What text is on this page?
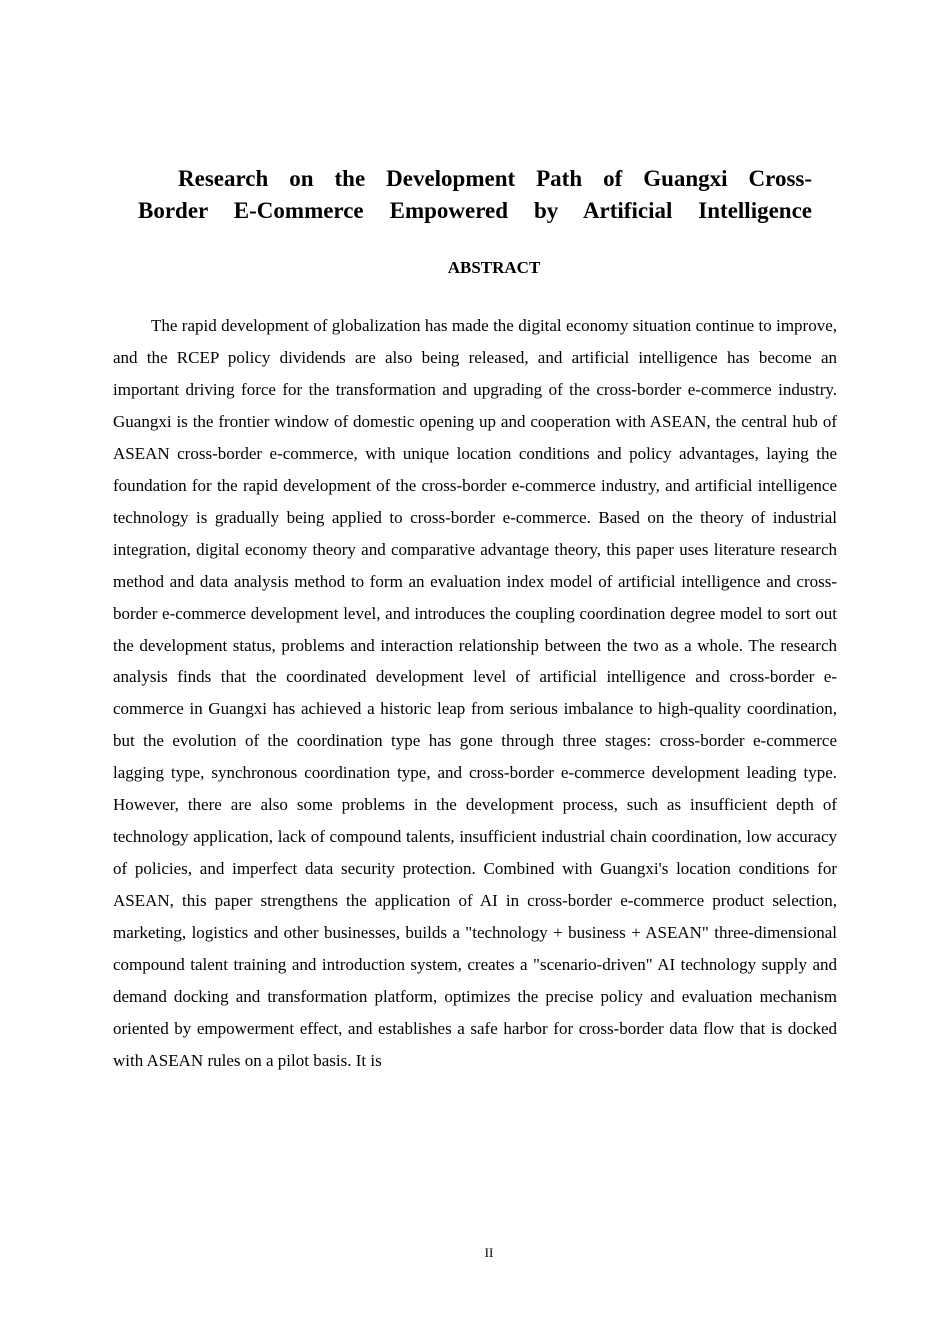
Research on the Development Path of Guangxi Cross-
Border E-Commerce Empowered by Artificial Intelligence
ABSTRACT

The rapid development of globalization has made the digital economy situation continue to improve, and the RCEP policy dividends are also being released, and artificial intelligence has become an important driving force for the transformation and upgrading of the cross-border e-commerce industry. Guangxi is the frontier window of domestic opening up and cooperation with ASEAN, the central hub of ASEAN cross-border e-commerce, with unique location conditions and policy advantages, laying the foundation for the rapid development of the cross-border e-commerce industry, and artificial intelligence technology is gradually being applied to cross-border e-commerce. Based on the theory of industrial integration, digital economy theory and comparative advantage theory, this paper uses literature research method and data analysis method to form an evaluation index model of artificial intelligence and cross-border e-commerce development level, and introduces the coupling coordination degree model to sort out the development status, problems and interaction relationship between the two as a whole. The research analysis finds that the coordinated development level of artificial intelligence and cross-border e-commerce in Guangxi has achieved a historic leap from serious imbalance to high-quality coordination, but the evolution of the coordination type has gone through three stages: cross-border e-commerce lagging type, synchronous coordination type, and cross-border e-commerce development leading type. However, there are also some problems in the development process, such as insufficient depth of technology application, lack of compound talents, insufficient industrial chain coordination, low accuracy of policies, and imperfect data security protection. Combined with Guangxi's location conditions for ASEAN, this paper strengthens the application of AI in cross-border e-commerce product selection, marketing, logistics and other businesses, builds a "technology + business + ASEAN" three-dimensional compound talent training and introduction system, creates a "scenario-driven" AI technology supply and demand docking and transformation platform, optimizes the precise policy and evaluation mechanism oriented by empowerment effect, and establishes a safe harbor for cross-border data flow that is docked with ASEAN rules on a pilot basis. It is

II
